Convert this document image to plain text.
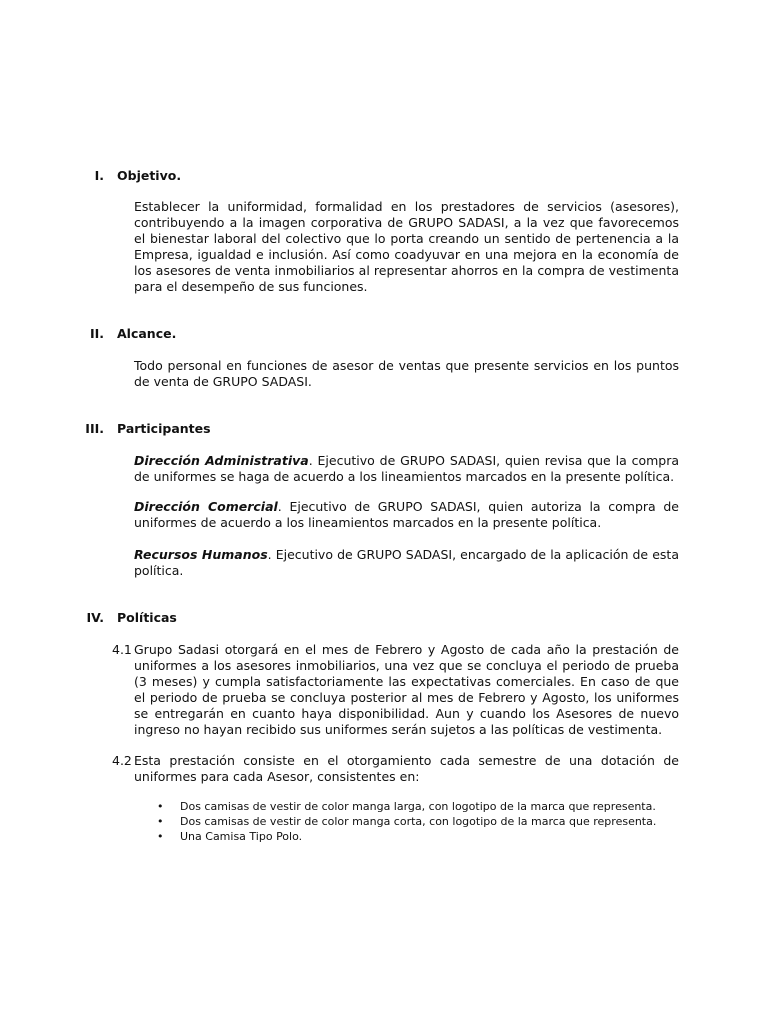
I. Objetivo.

Establecer la uniformidad, formalidad en los prestadores de servicios (asesores), contribuyendo a la imagen corporativa de GRUPO SADASI, a la vez que favorecemos el bienestar laboral del colectivo que lo porta creando un sentido de pertenencia a la Empresa, igualdad e inclusión. Así como coadyuvar en una mejora en la economía de los asesores de venta inmobiliarios al representar ahorros en la compra de vestimenta para el desempeño de sus funciones.

II. Alcance.

Todo personal en funciones de asesor de ventas que presente servicios en los puntos de venta de GRUPO SADASI.

III. Participantes

Dirección Administrativa. Ejecutivo de GRUPO SADASI, quien revisa que la compra de uniformes se haga de acuerdo a los lineamientos marcados en la presente política.

Dirección Comercial. Ejecutivo de GRUPO SADASI, quien autoriza la compra de uniformes de acuerdo a los lineamientos marcados en la presente política.

Recursos Humanos. Ejecutivo de GRUPO SADASI, encargado de la aplicación de esta política.

IV. Políticas
4.1 Grupo Sadasi otorgará en el mes de Febrero y Agosto de cada año la prestación de uniformes a los asesores inmobiliarios, una vez que se concluya el periodo de prueba (3 meses) y cumpla satisfactoriamente las expectativas comerciales. En caso de que el periodo de prueba se concluya posterior al mes de Febrero y Agosto, los uniformes se entregarán en cuanto haya disponibilidad. Aun y cuando los Asesores de nuevo ingreso no hayan recibido sus uniformes serán sujetos a las políticas de vestimenta.
4.2 Esta prestación consiste en el otorgamiento cada semestre de una dotación de uniformes para cada Asesor, consistentes en:
• Dos camisas de vestir de color manga larga, con logotipo de la marca que representa.
• Dos camisas de vestir de color manga corta, con logotipo de la marca que representa.
• Una Camisa Tipo Polo.
